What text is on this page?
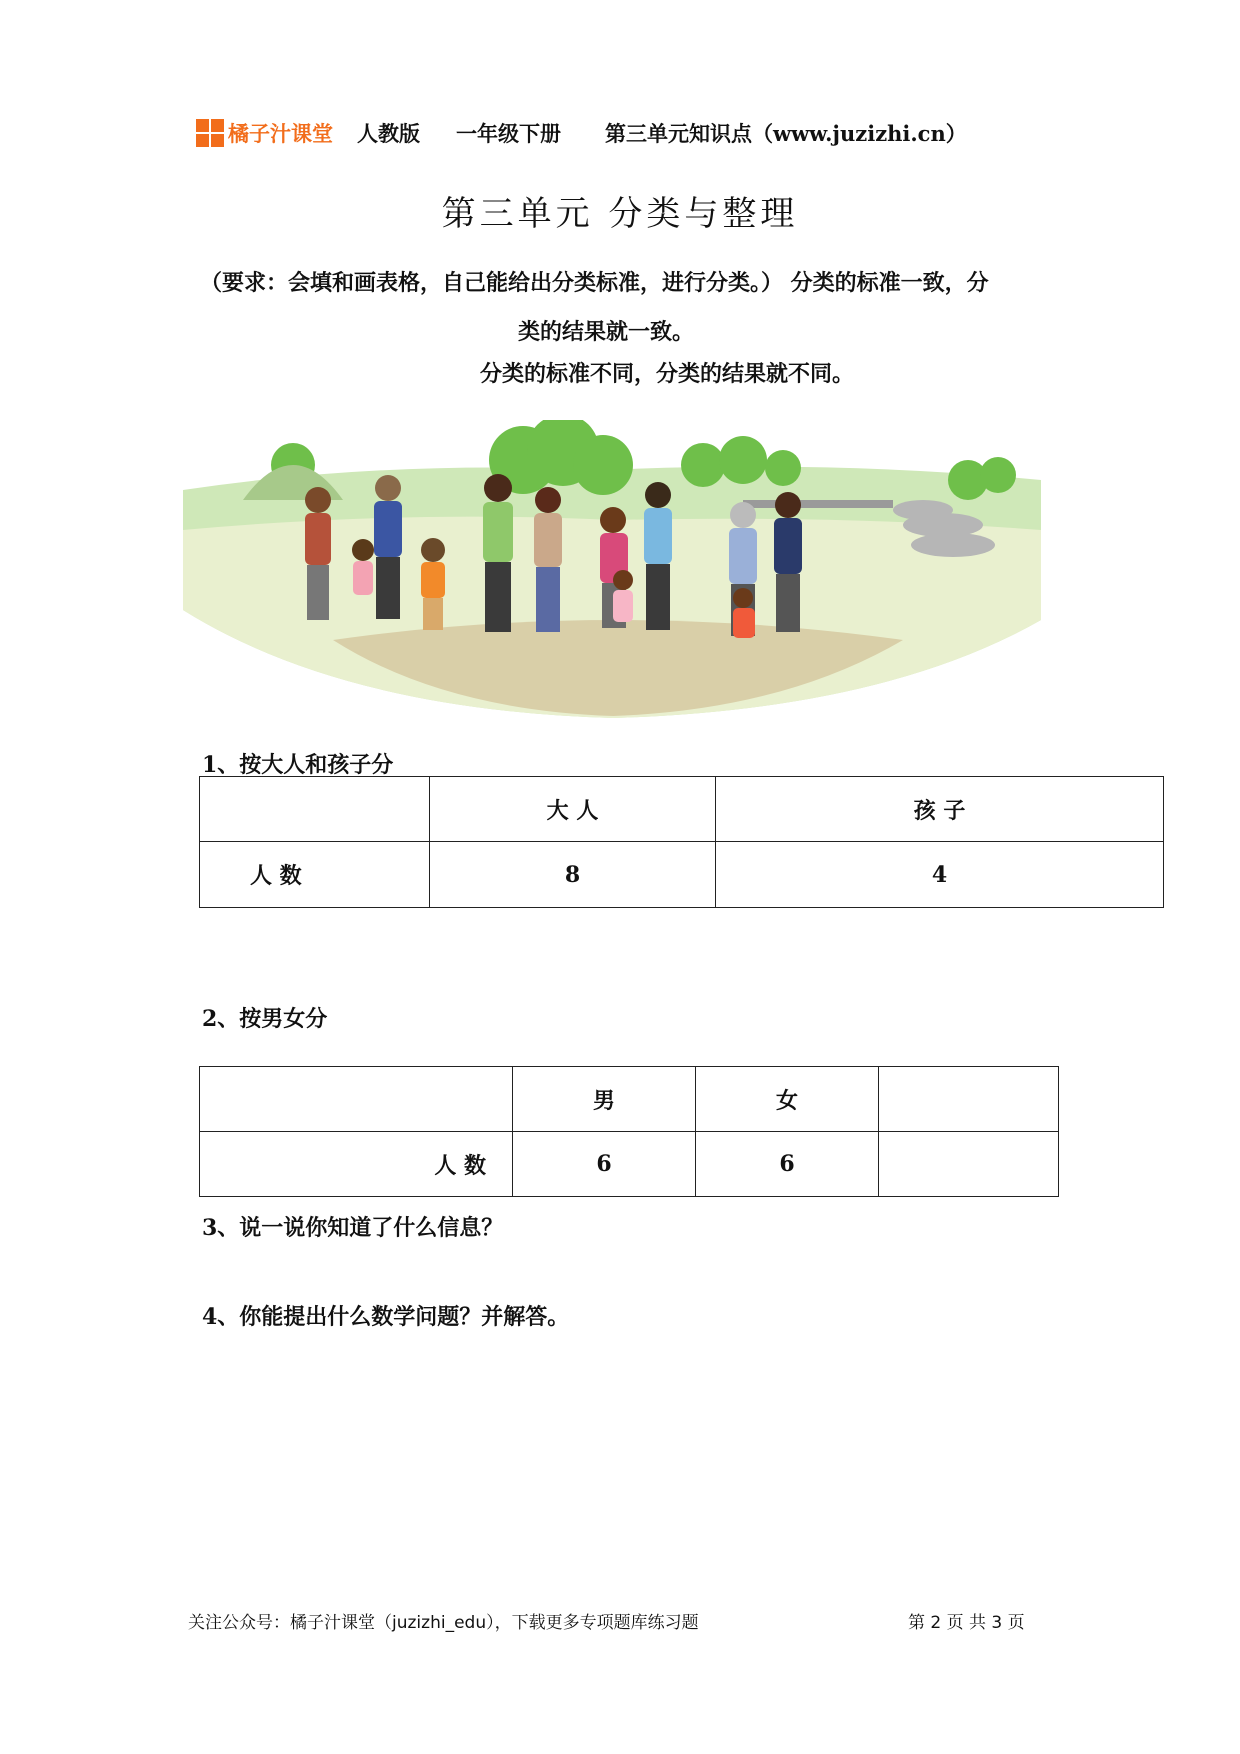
橘子汁课堂 人教版 一年级下册 第三单元知识点（www.juzizhi.cn）
第三单元 分类与整理
（要求：会填和画表格，自己能给出分类标准，进行分类。） 分类的标准一致，分
类的结果就一致。
分类的标准不同，分类的结果就不同。
1、按大人和孩子分
	大 人	孩 子
人 数	8	4
2、按男女分
	男	女	
人 数	6	6	
3、说一说你知道了什么信息？
4、你能提出什么数学问题？并解答。
关注公众号：橘子汁课堂（juzizhi_edu），下载更多专项题库练习题	第 2 页 共 3 页
